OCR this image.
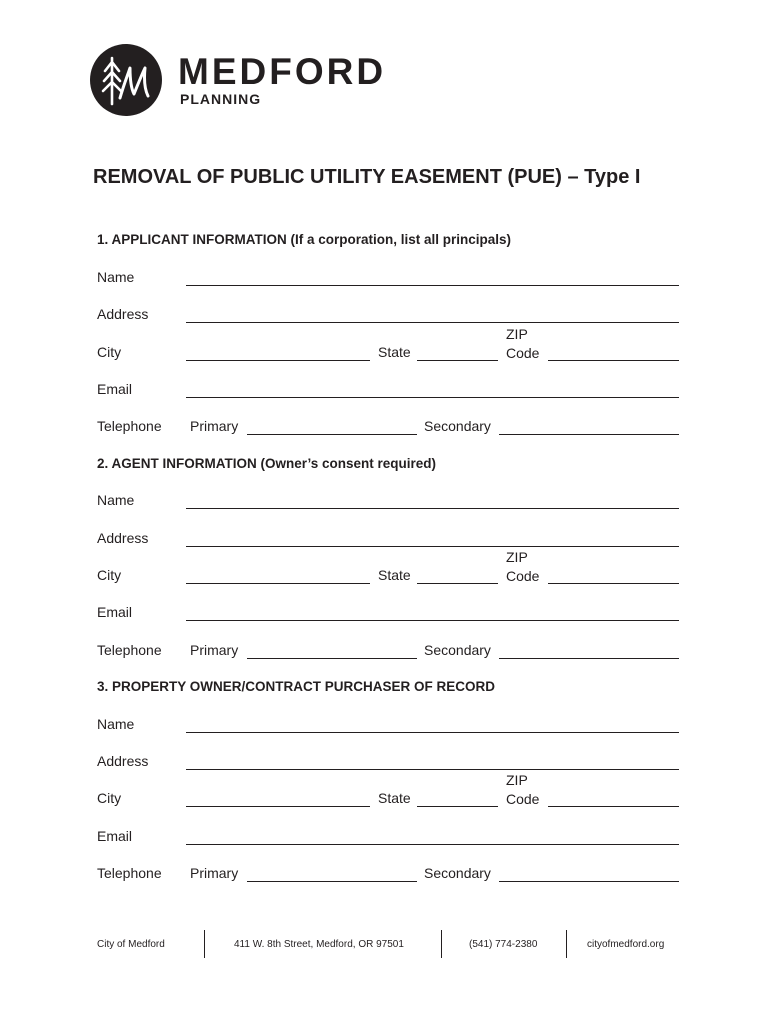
MEDFORD
PLANNING
REMOVAL OF PUBLIC UTILITY EASEMENT (PUE) – Type I
1. APPLICANT INFORMATION (If a corporation, list all principals)
Name
Address
City	State
ZIP
Code
Email
Telephone Primary	Secondary
2. AGENT INFORMATION (Owner’s consent required)
Name
Address
City	State
ZIP
Code
Email
Telephone Primary	Secondary
3. PROPERTY OWNER/CONTRACT PURCHASER OF RECORD
Name
Address
City	State
ZIP
Code
Email
Telephone Primary	Secondary
City of Medford	411 W. 8th Street, Medford, OR 97501	(541) 774-2380	cityofmedford.org
